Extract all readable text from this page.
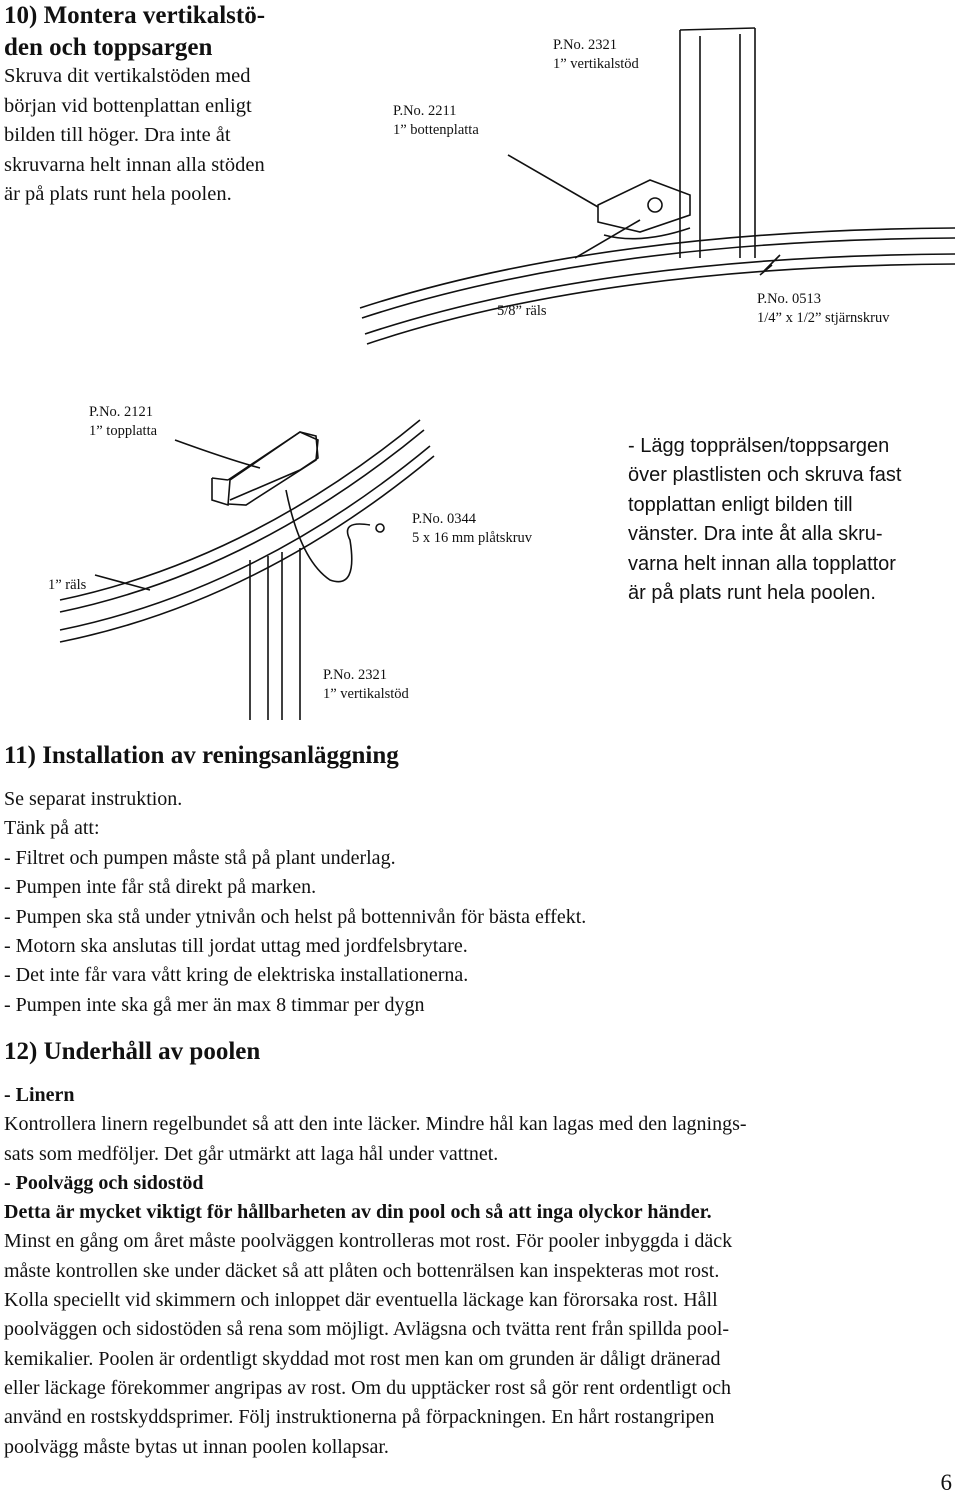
10) Montera vertikalstö-
den och toppsargen

Skruva dit vertikalstöden med
början vid bottenplattan enligt
bilden till höger. Dra inte åt
skruvarna helt innan alla stöden
är på plats runt hela poolen.

P.No. 2211
1” bottenplatta
P.No. 2321
1” vertikalstöd
5/8” räls
P.No. 0513
1/4” x 1/2” stjärnskruv
P.No. 2121
1” topplatta
1” räls
P.No. 0344
5 x 16 mm plåtskruv
P.No. 2321
1” vertikalstöd

- Lägg topprälsen/toppsargen
över plastlisten och skruva fast
topplattan enligt bilden till
vänster. Dra inte åt alla skru-
varna helt innan alla topplattor
är på plats runt hela poolen.

11) Installation av reningsanläggning

Se separat instruktion.

Tänk på att:

- Filtret och pumpen måste stå på plant underlag.

- Pumpen inte får stå direkt på marken.

- Pumpen ska stå under ytnivån och helst på bottennivån för bästa effekt.

- Motorn ska anslutas till jordat uttag med jordfelsbrytare.

- Det inte får vara vått kring de elektriska installationerna.

- Pumpen inte ska gå mer än max 8 timmar per dygn

12) Underhåll av poolen

- Linern

Kontrollera linern regelbundet så att den inte läcker. Mindre hål kan lagas med den lagnings-
sats som medföljer. Det går utmärkt att laga hål under vattnet.

- Poolvägg och sidostöd

Detta är mycket viktigt för hållbarheten av din pool och så att inga olyckor händer.

Minst en gång om året måste poolväggen kontrolleras mot rost. För pooler inbyggda i däck
måste kontrollen ske under däcket så att plåten och bottenrälsen kan inspekteras mot rost.
Kolla speciellt vid skimmern och inloppet där eventuella läckage kan förorsaka rost. Håll
poolväggen och sidostöden så rena som möjligt. Avlägsna och tvätta rent från spillda pool-
kemikalier. Poolen är ordentligt skyddad mot rost men kan om grunden är dåligt dränerad
eller läckage förekommer angripas av rost. Om du upptäcker rost så gör rent ordentligt och
använd en rostskyddsprimer. Följ instruktionerna på förpackningen. En hårt rostangripen
poolvägg måste bytas ut innan poolen kollapsar.

6
